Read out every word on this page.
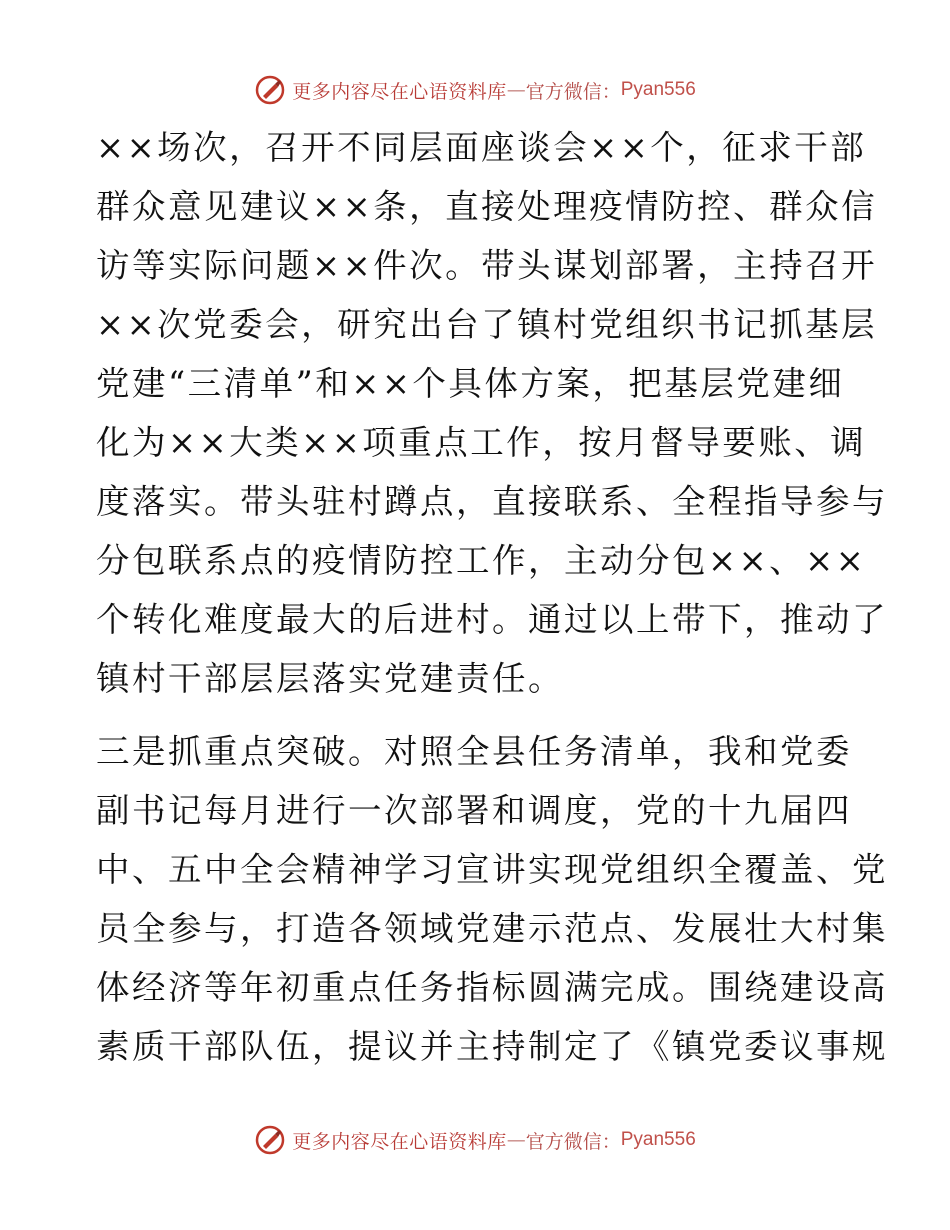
更多内容尽在心语资料库 — 官方微信： Pyan556
××场次，召开不同层面座谈会××个，征求干部
群众意见建议××条，直接处理疫情防控、群众信
访等实际问题××件次。带头谋划部署，主持召开
××次党委会，研究出台了镇村党组织书记抓基层
党建“三清单”和××个具体方案，把基层党建细
化为××大类××项重点工作，按月督导要账、调
度落实。带头驻村蹲点，直接联系、全程指导参与
分包联系点的疫情防控工作，主动分包××、××
个转化难度最大的后进村。通过以上带下，推动了
镇村干部层层落实党建责任。
三是抓重点突破。对照全县任务清单，我和党委
副书记每月进行一次部署和调度，党的十九届四
中、五中全会精神学习宣讲实现党组织全覆盖、党
员全参与，打造各领域党建示范点、发展壮大村集
体经济等年初重点任务指标圆满完成。围绕建设高
素质干部队伍，提议并主持制定了《镇党委议事规
更多内容尽在心语资料库 — 官方微信： Pyan556
